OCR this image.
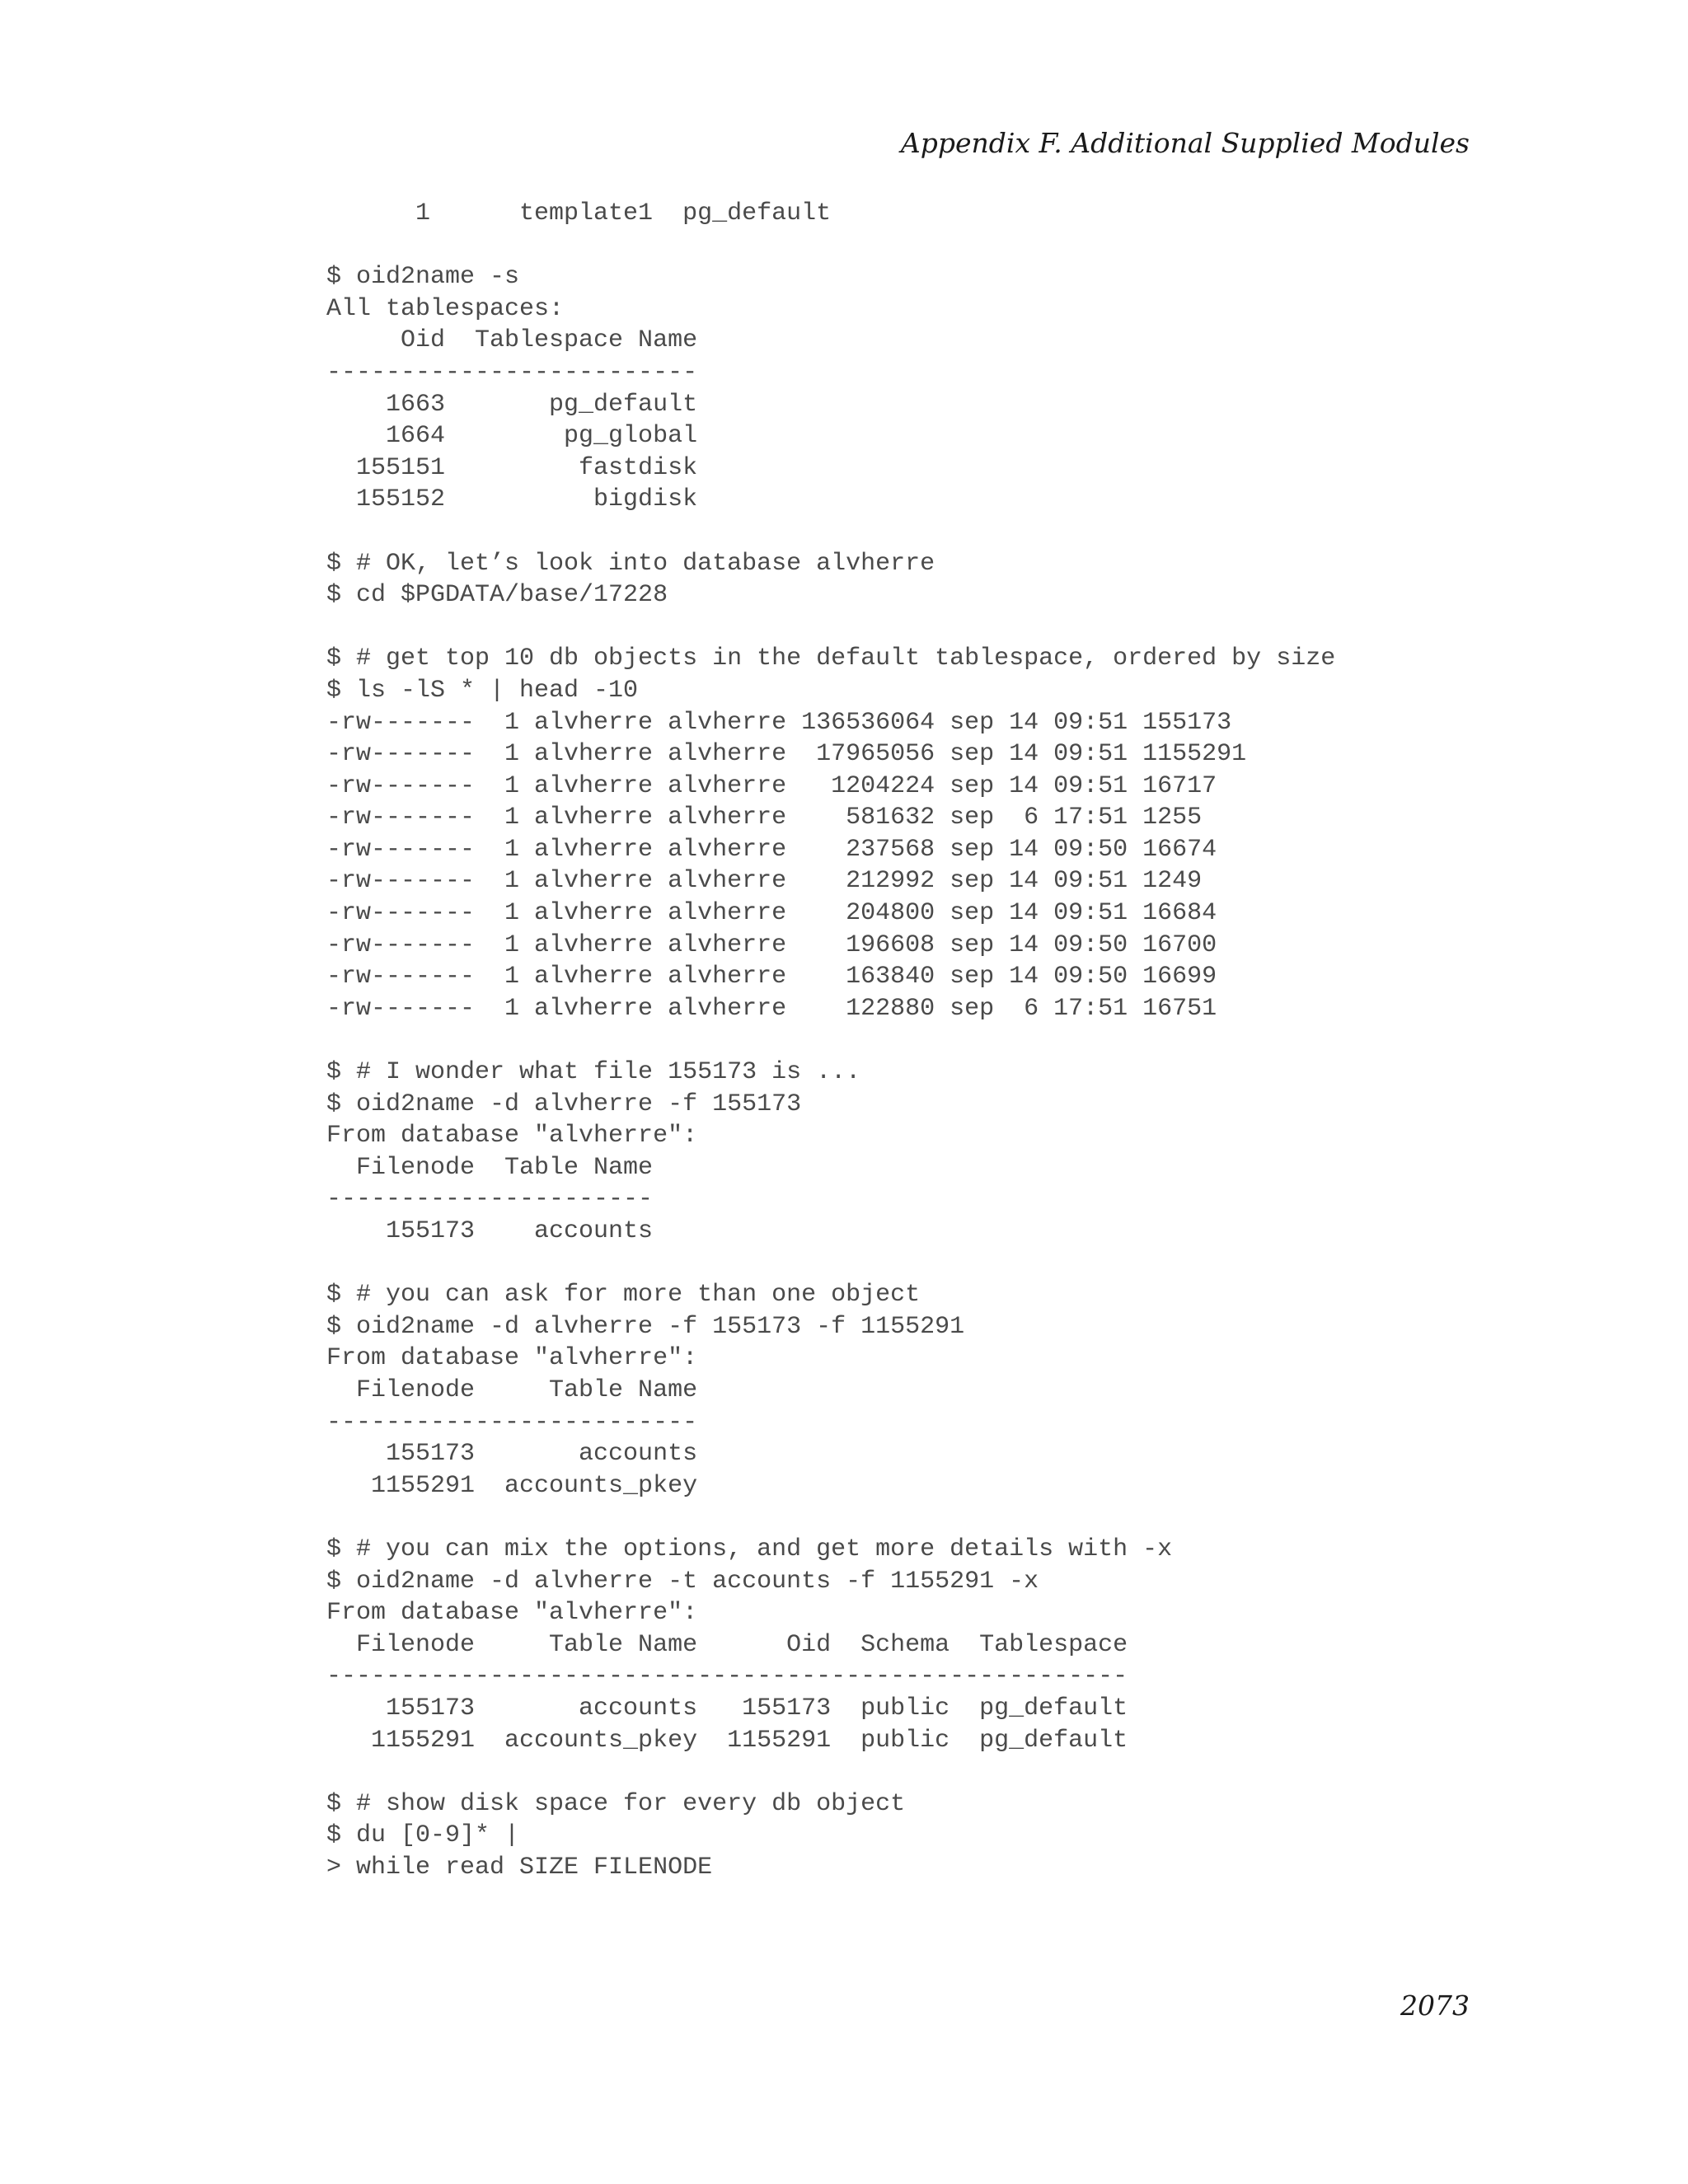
Appendix F. Additional Supplied Modules
1      template1  pg_default
$ oid2name -s
All tablespaces:
Oid  Tablespace Name
-------------------------
1663       pg_default
1664        pg_global
155151         fastdisk
155152          bigdisk
$ # OK, let’s look into database alvherre
$ cd $PGDATA/base/17228
$ # get top 10 db objects in the default tablespace, ordered by size
$ ls -lS * | head -10
-rw-------  1 alvherre alvherre 136536064 sep 14 09:51 155173
-rw-------  1 alvherre alvherre  17965056 sep 14 09:51 1155291
-rw-------  1 alvherre alvherre   1204224 sep 14 09:51 16717
-rw-------  1 alvherre alvherre    581632 sep  6 17:51 1255
-rw-------  1 alvherre alvherre    237568 sep 14 09:50 16674
-rw-------  1 alvherre alvherre    212992 sep 14 09:51 1249
-rw-------  1 alvherre alvherre    204800 sep 14 09:51 16684
-rw-------  1 alvherre alvherre    196608 sep 14 09:50 16700
-rw-------  1 alvherre alvherre    163840 sep 14 09:50 16699
-rw-------  1 alvherre alvherre    122880 sep  6 17:51 16751
$ # I wonder what file 155173 is ...
$ oid2name -d alvherre -f 155173
From database "alvherre":
Filenode  Table Name
----------------------
155173    accounts
$ # you can ask for more than one object
$ oid2name -d alvherre -f 155173 -f 1155291
From database "alvherre":
Filenode     Table Name
-------------------------
155173       accounts
1155291  accounts_pkey
$ # you can mix the options, and get more details with -x
$ oid2name -d alvherre -t accounts -f 1155291 -x
From database "alvherre":
Filenode     Table Name      Oid  Schema  Tablespace
------------------------------------------------------
155173       accounts   155173  public  pg_default
1155291  accounts_pkey  1155291  public  pg_default
$ # show disk space for every db object
$ du [0-9]* |
> while read SIZE FILENODE
2073
